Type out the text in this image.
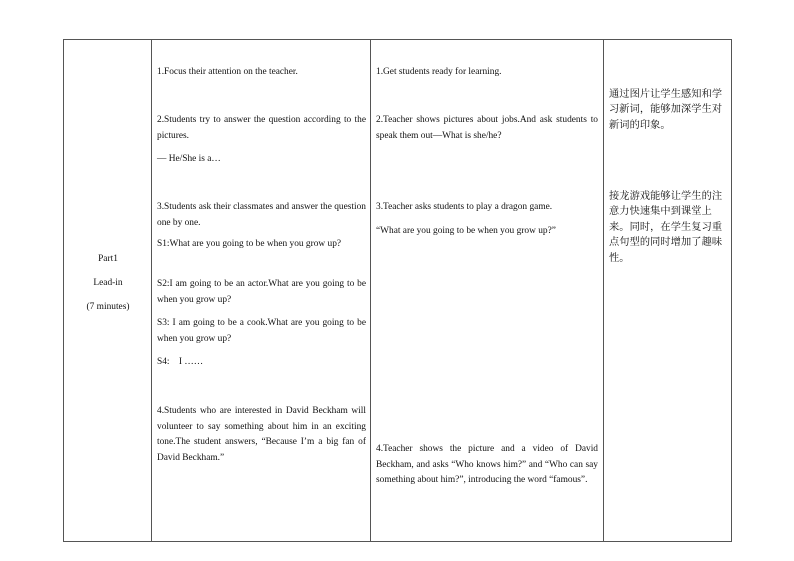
Part1
Lead-in
(7 minutes)
1.Focus their attention on the teacher.
2.Students try to answer the question according to the pictures.
— He/She is a…
3.Students ask their classmates and answer the question one by one.
S1:What are you going to be when you grow up?
S2:I am going to be an actor.What are you going to be when you grow up?
S3: I am going to be a cook.What are you going to be when you grow up?
S4:    I ……
4.Students who are interested in David Beckham will volunteer to say something about him in an exciting tone.The student answers, “Because I’m a big fan of David Beckham.”
1.Get students ready for learning.
2.Teacher shows pictures about jobs.And ask students to speak them out—What is she/he?
3.Teacher asks students to play a dragon game.
“What are you going to be when you grow up?”
4.Teacher shows the picture and a video of David Beckham, and asks “Who knows him?” and “Who can say something about him?”, introducing the word “famous”.
通过图片让学生感知和学习新词，能够加深学生对新词的印象。
接龙游戏能够让学生的注意力快速集中到课堂上来。同时，在学生复习重点句型的同时增加了趣味性。
